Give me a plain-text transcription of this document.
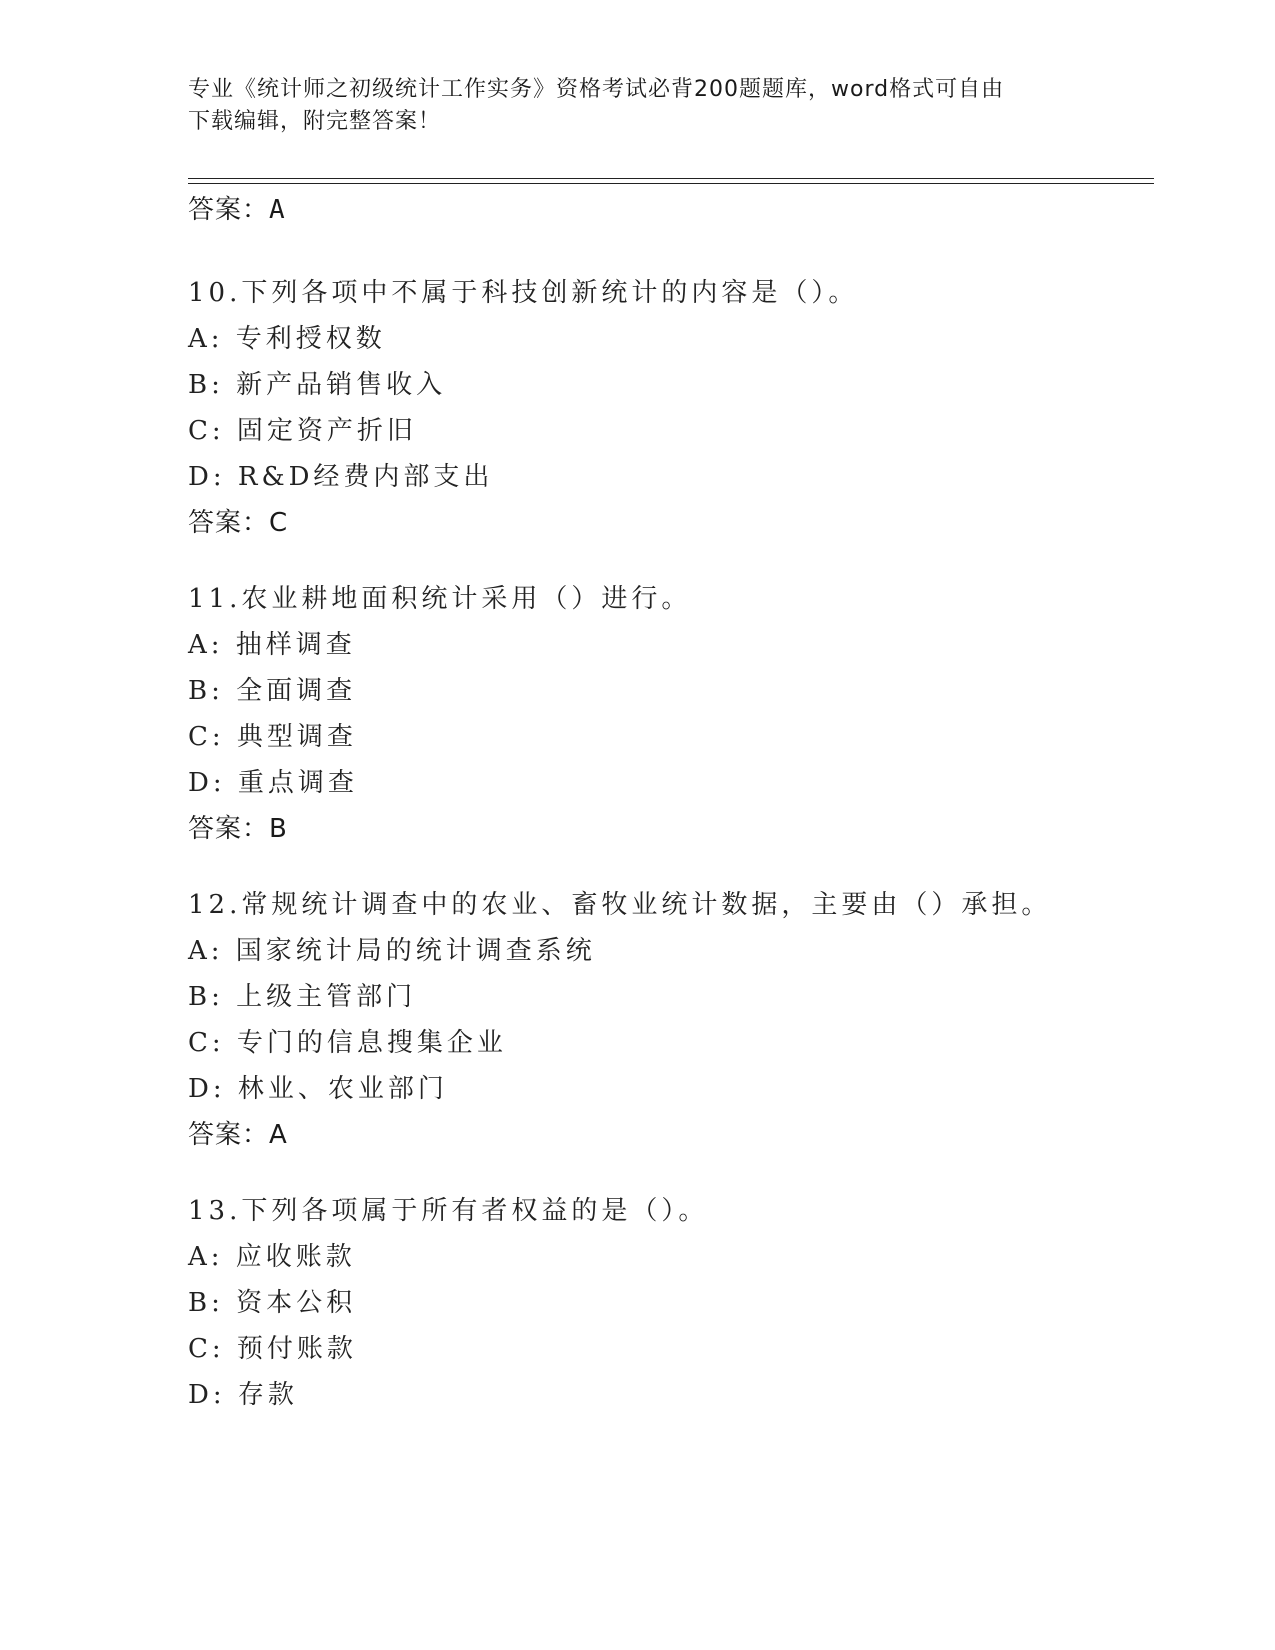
专业《统计师之初级统计工作实务》资格考试必背200题题库，word格式可自由
下载编辑，附完整答案！
答案：A
10.下列各项中不属于科技创新统计的内容是（）。
A: 专利授权数
B: 新产品销售收入
C: 固定资产折旧
D: R&D经费内部支出
答案：C
11.农业耕地面积统计采用（）进行。
A: 抽样调查
B: 全面调查
C: 典型调查
D: 重点调查
答案：B
12.常规统计调查中的农业、畜牧业统计数据，主要由（）承担。
A: 国家统计局的统计调查系统
B: 上级主管部门
C: 专门的信息搜集企业
D: 林业、农业部门
答案：A
13.下列各项属于所有者权益的是（）。
A: 应收账款
B: 资本公积
C: 预付账款
D: 存款
